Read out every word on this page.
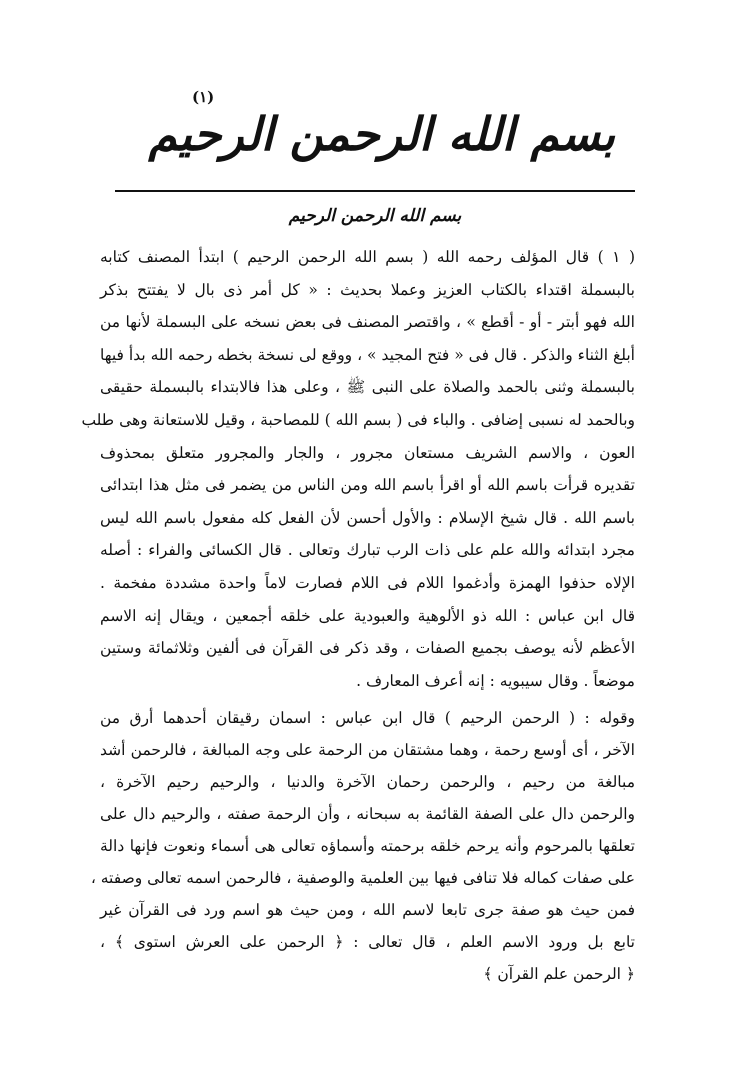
(١)
بسم الله الرحمن الرحيم
بسم الله الرحمن الرحيم
( ١ ) قال المؤلف رحمه الله ( بسم الله الرحمن الرحيم ) ابتدأ المصنف كتابه
بالبسملة اقتداء بالكتاب العزيز وعملا بحديث : « كل أمر ذى بال لا يفتتح بذكر
الله فهو أبتر - أو - أقطع » ، واقتصر المصنف فى بعض نسخه على البسملة لأنها من
أبلغ الثناء والذكر . قال فى « فتح المجيد » ، ووقع لى نسخة بخطه رحمه الله بدأ فيها
بالبسملة وثنى بالحمد والصلاة على النبى ﷺ ، وعلى هذا فالابتداء بالبسملة حقيقى
وبالحمد له نسبى إضافى . والباء فى ( بسم الله ) للمصاحبة ، وقيل للاستعانة وهى طلب
العون ، والاسم الشريف مستعان مجرور ، والجار والمجرور متعلق بمحذوف
تقديره قرأت باسم الله أو اقرأ باسم الله ومن الناس من يضمر فى مثل هذا ابتدائى
باسم الله . قال شيخ الإسلام : والأول أحسن لأن الفعل كله مفعول باسم الله ليس
مجرد ابتدائه والله علم على ذات الرب تبارك وتعالى . قال الكسائى والفراء : أصله
الإلاه حذفوا الهمزة وأدغموا اللام فى اللام فصارت لاماً واحدة مشددة مفخمة .
قال ابن عباس : الله ذو الألوهية والعبودية على خلقه أجمعين ، ويقال إنه الاسم
الأعظم لأنه يوصف بجميع الصفات ، وقد ذكر فى القرآن فى ألفين وثلاثمائة وستين
موضعاً . وقال سيبويه : إنه أعرف المعارف .
وقوله : ( الرحمن الرحيم ) قال ابن عباس : اسمان رقيقان أحدهما أرق من
الآخر ، أى أوسع رحمة ، وهما مشتقان من الرحمة على وجه المبالغة ، فالرحمن أشد
مبالغة من رحيم ، والرحمن رحمان الآخرة والدنيا ، والرحيم رحيم الآخرة ،
والرحمن دال على الصفة القائمة به سبحانه ، وأن الرحمة صفته ، والرحيم دال على
تعلقها بالمرحوم وأنه يرحم خلقه برحمته وأسماؤه تعالى هى أسماء ونعوت فإنها دالة
على صفات كماله فلا تنافى فيها بين العلمية والوصفية ، فالرحمن اسمه تعالى وصفته ،
فمن حيث هو صفة جرى تابعا لاسم الله ، ومن حيث هو اسم ورد فى القرآن غير
تابع بل ورود الاسم العلم ، قال تعالى : ﴿ الرحمن على العرش استوى ﴾ ،
﴿ الرحمن علم القرآن ﴾
